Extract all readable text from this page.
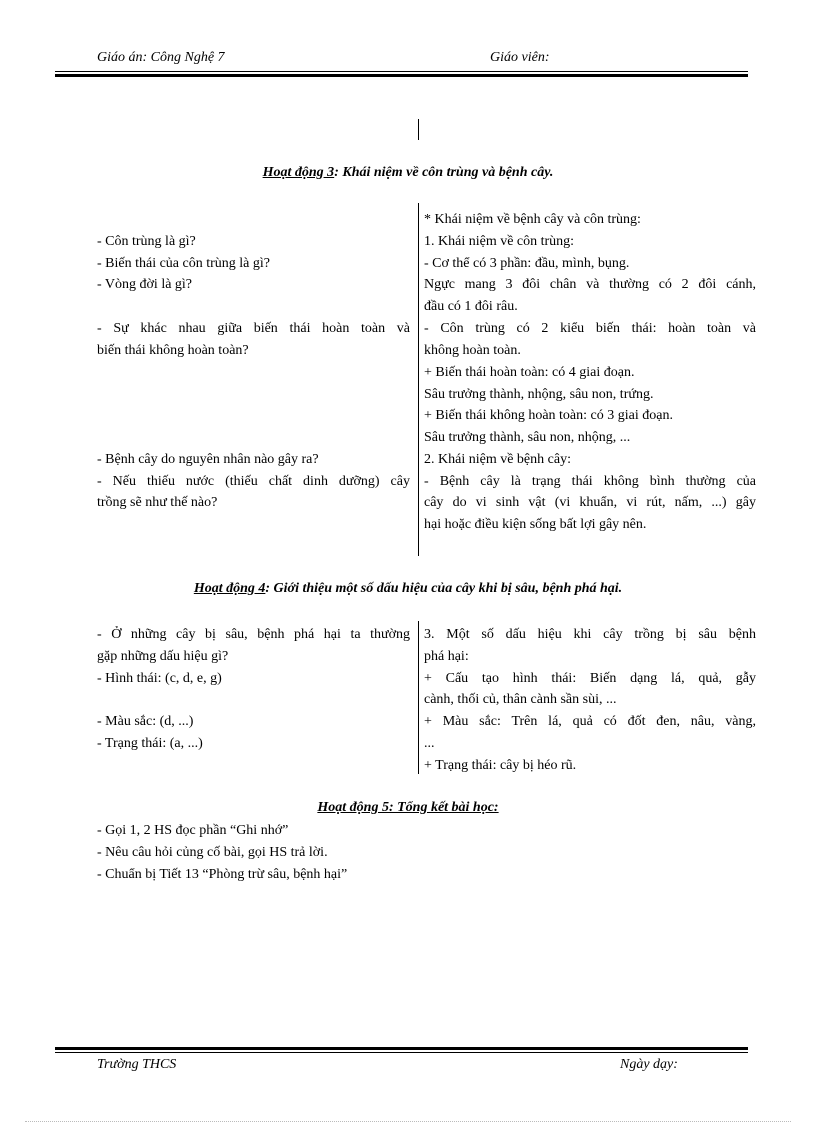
Giáo án: Công Nghệ 7	Giáo viên:
Hoạt động 3: Khái niệm về côn trùng và bệnh cây.
- Côn trùng là gì?
- Biến thái của côn trùng là gì?
- Vòng đời là gì?
- Sự khác nhau giữa biến thái hoàn toàn và
biến thái không hoàn toàn?
- Bệnh cây do nguyên nhân nào gây ra?
- Nếu thiếu nước (thiếu chất dinh dưỡng) cây
trồng sẽ như thế nào?
* Khái niệm về bệnh cây và côn trùng:
1. Khái niệm về côn trùng:
- Cơ thể có 3 phần: đầu, mình, bụng.
Ngực mang 3 đôi chân và thường có 2 đôi cánh,
đầu có 1 đôi râu.
- Côn trùng có 2 kiểu biến thái: hoàn toàn và
không hoàn toàn.
+ Biến thái hoàn toàn: có 4 giai đoạn.
Sâu trưởng thành, nhộng, sâu non, trứng.
+ Biến thái không hoàn toàn: có 3 giai đoạn.
Sâu trưởng thành, sâu non, nhộng, ...
2. Khái niệm về bệnh cây:
- Bệnh cây là trạng thái không bình thường của
cây do vi sinh vật (vi khuẩn, vi rút, nấm, ...) gây
hại hoặc điều kiện sống bất lợi gây nên.
Hoạt động 4: Giới thiệu một số dấu hiệu của cây khi bị sâu, bệnh phá hại.
- Ở những cây bị sâu, bệnh phá hại ta thường
gặp những dấu hiệu gì?
- Hình thái: (c, d, e, g)
- Màu sắc: (d, ...)
- Trạng thái: (a, ...)
3. Một số dấu hiệu khi cây trồng bị sâu bệnh
phá hại:
+ Cấu tạo hình thái: Biến dạng lá, quả, gẫy
cành, thối củ, thân cành sần sùi, ...
+ Màu sắc: Trên lá, quả có đốt đen, nâu, vàng,
...
+ Trạng thái: cây bị héo rũ.
Hoạt động 5: Tổng kết bài học:
- Gọi 1, 2 HS đọc phần “Ghi nhớ”
- Nêu câu hỏi củng cố bài, gọi HS trả lời.
- Chuẩn bị Tiết 13 “Phòng trừ sâu, bệnh hại”
Trường THCS	Ngày dạy:
